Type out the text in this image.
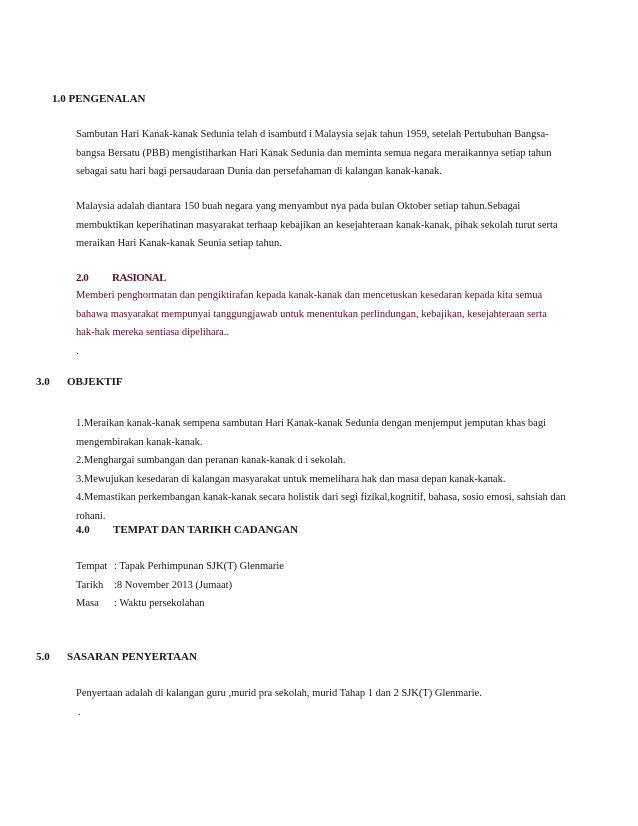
1.0 PENGENALAN
Sambutan Hari Kanak-kanak Sedunia telah d isambutd i Malaysia sejak tahun 1959, setelah Pertubuhan Bangsa-
bangsa Bersatu (PBB) mengistiharkan Hari Kanak Sedunia dan meminta semua negara meraikannya setiap tahun
sebagai satu hari bagi persaudaraan Dunia dan persefahaman di kalangan kanak-kanak.
Malaysia adalah diantara 150 buah negara yang menyambut nya pada bulan Oktober setiap tahun.Sebagai
membuktikan keperihatinan masyarakat terhaap kebajikan an kesejahteraan kanak-kanak, pihak sekolah turut serta
meraikan Hari Kanak-kanak Seunia setiap tahun.
2.0 RASIONAL
Memberi penghormatan dan pengiktirafan kepada kanak-kanak dan mencetuskan kesedaran kepada kita semua
bahawa masyarakat mempunyai tanggungjawab untuk menentukan perlindungan, kebajikan, kesejahteraan serta
hak-hak mereka sentiasa dipelihara..
.
3.0 OBJEKTIF
1.Meraikan kanak-kanak sempena sambutan Hari Kanak-kanak Sedunia dengan menjemput jemputan khas bagi
mengembirakan kanak-kanak.
2.Menghargai sumbangan dan peranan kanak-kanak d i sekolah.
3.Mewujukan kesedaran di kalangan masyarakat untuk memelihara hak dan masa depan kanak-kanak.
4.Memastikan perkembangan kanak-kanak secara holistik dari segi fizikal,kognitif, bahasa, sosio emosi, sahsiah dan
rohani.
4.0 TEMPAT DAN TARIKH CADANGAN
Tempat : Tapak Perhimpunan SJK(T) Glenmarie
Tarikh :8 November 2013 (Jumaat)
Masa : Waktu persekolahan
5.0 SASARAN PENYERTAAN
Penyertaan adalah di kalangan guru ,murid pra sekolah, murid Tahap 1 dan 2 SJK(T) Glenmarie.
.
